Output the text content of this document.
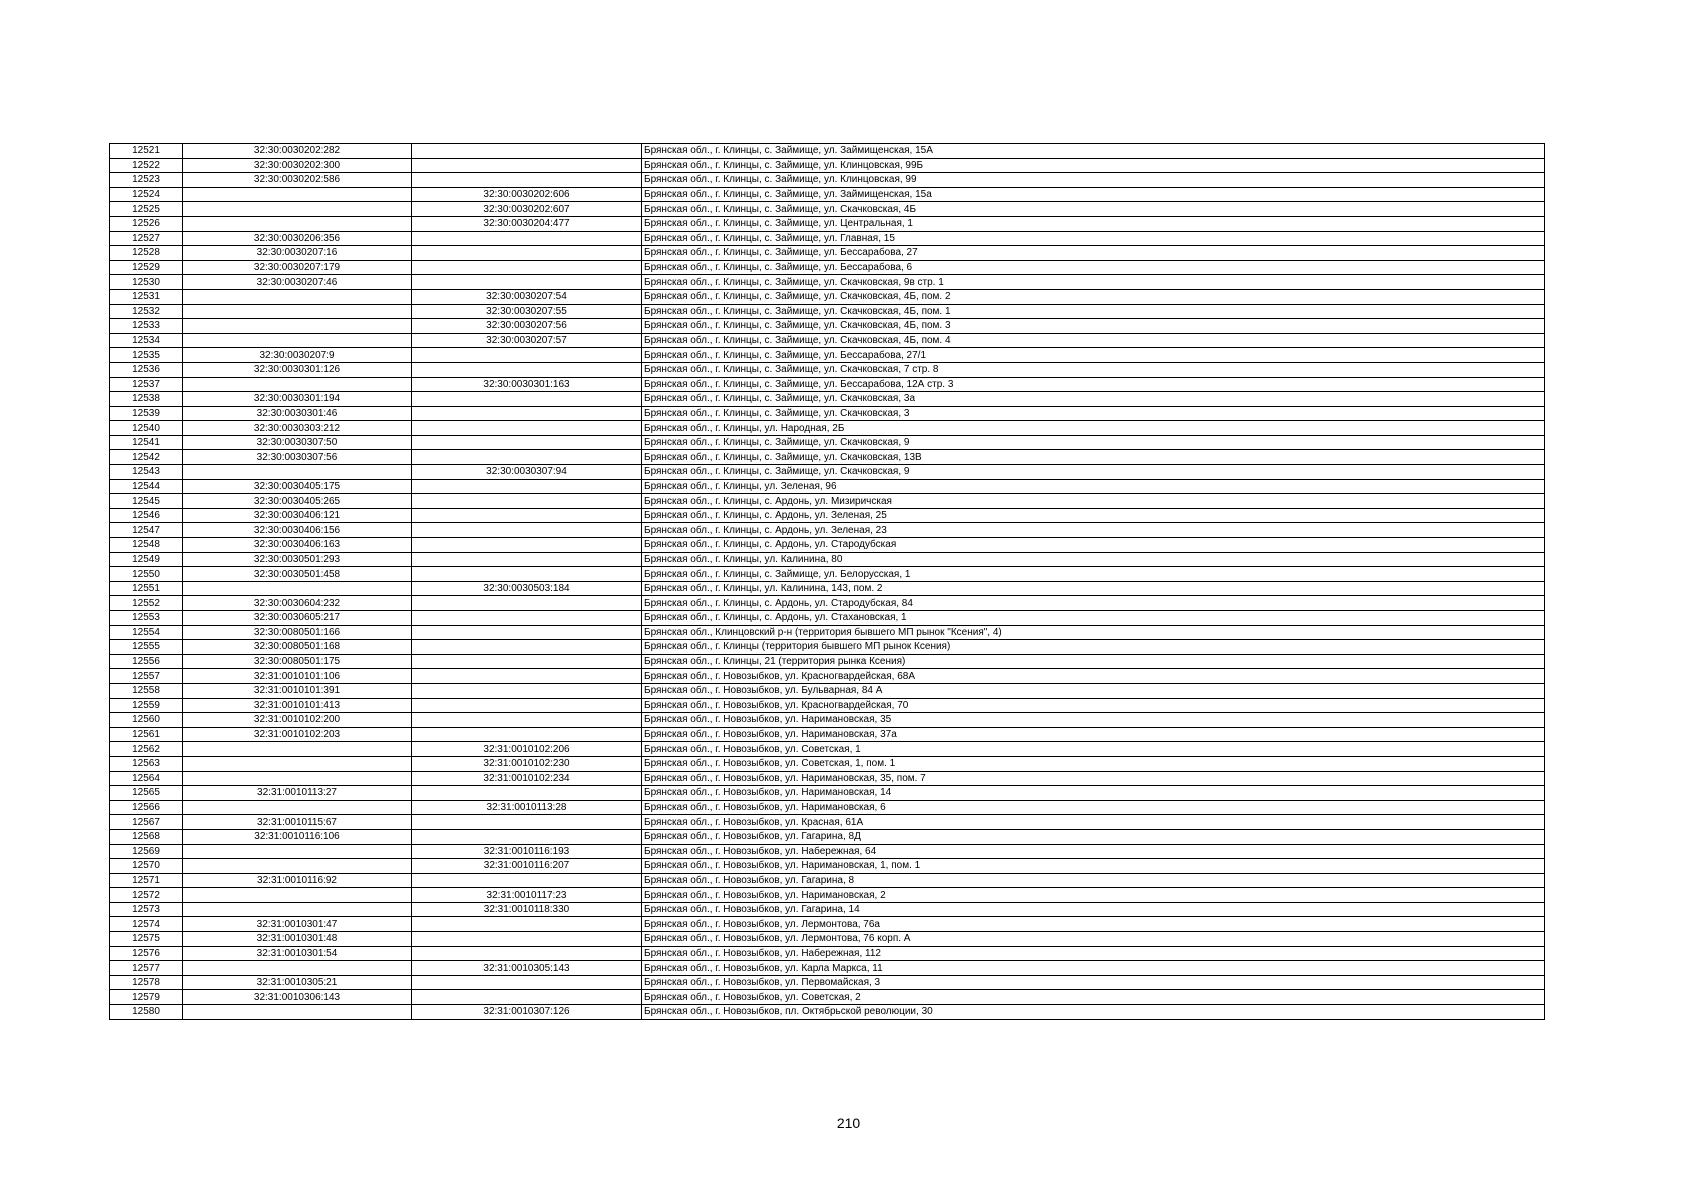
12521	32:30:0030202:282		Брянская обл., г. Клинцы, с. Займище, ул. Займищенская, 15А
12522	32:30:0030202:300		Брянская обл., г. Клинцы, с. Займище, ул. Клинцовская, 99Б
12523	32:30:0030202:586		Брянская обл., г. Клинцы, с. Займище, ул. Клинцовская, 99
12524		32:30:0030202:606	Брянская обл., г. Клинцы, с. Займище, ул. Займищенская, 15а
12525		32:30:0030202:607	Брянская обл., г. Клинцы, с. Займище, ул. Скачковская, 4Б
12526		32:30:0030204:477	Брянская обл., г. Клинцы, с. Займище, ул. Центральная, 1
12527	32:30:0030206:356		Брянская обл., г. Клинцы, с. Займище, ул. Главная, 15
12528	32:30:0030207:16		Брянская обл., г. Клинцы, с. Займище, ул. Бессарабова, 27
12529	32:30:0030207:179		Брянская обл., г. Клинцы, с. Займище, ул. Бессарабова, 6
12530	32:30:0030207:46		Брянская обл., г. Клинцы, с. Займище, ул. Скачковская, 9в стр. 1
12531		32:30:0030207:54	Брянская обл., г. Клинцы, с. Займище, ул. Скачковская, 4Б, пом. 2
12532		32:30:0030207:55	Брянская обл., г. Клинцы, с. Займище, ул. Скачковская, 4Б, пом. 1
12533		32:30:0030207:56	Брянская обл., г. Клинцы, с. Займище, ул. Скачковская, 4Б, пом. 3
12534		32:30:0030207:57	Брянская обл., г. Клинцы, с. Займище, ул. Скачковская, 4Б, пом. 4
12535	32:30:0030207:9		Брянская обл., г. Клинцы, с. Займище, ул. Бессарабова, 27/1
12536	32:30:0030301:126		Брянская обл., г. Клинцы, с. Займище, ул. Скачковская, 7 стр. 8
12537		32:30:0030301:163	Брянская обл., г. Клинцы, с. Займище, ул. Бессарабова, 12А стр. 3
12538	32:30:0030301:194		Брянская обл., г. Клинцы, с. Займище, ул. Скачковская, 3а
12539	32:30:0030301:46		Брянская обл., г. Клинцы, с. Займище, ул. Скачковская, 3
12540	32:30:0030303:212		Брянская обл., г. Клинцы, ул. Народная, 2Б
12541	32:30:0030307:50		Брянская обл., г. Клинцы, с. Займище, ул. Скачковская, 9
12542	32:30:0030307:56		Брянская обл., г. Клинцы, с. Займище, ул. Скачковская, 13В
12543		32:30:0030307:94	Брянская обл., г. Клинцы, с. Займище, ул. Скачковская, 9
12544	32:30:0030405:175		Брянская обл., г. Клинцы, ул. Зеленая, 96
12545	32:30:0030405:265		Брянская обл., г. Клинцы, с. Ардонь, ул. Мизиричская
12546	32:30:0030406:121		Брянская обл., г. Клинцы, с. Ардонь, ул. Зеленая, 25
12547	32:30:0030406:156		Брянская обл., г. Клинцы, с. Ардонь, ул. Зеленая, 23
12548	32:30:0030406:163		Брянская обл., г. Клинцы, с. Ардонь, ул. Стародубская
12549	32:30:0030501:293		Брянская обл., г. Клинцы, ул. Калинина, 80
12550	32:30:0030501:458		Брянская обл., г. Клинцы, с. Займище, ул. Белорусская, 1
12551		32:30:0030503:184	Брянская обл., г. Клинцы, ул. Калинина, 143, пом. 2
12552	32:30:0030604:232		Брянская обл., г. Клинцы, с. Ардонь, ул. Стародубская, 84
12553	32:30:0030605:217		Брянская обл., г. Клинцы, с. Ардонь, ул. Стахановская, 1
12554	32:30:0080501:166		Брянская обл., Клинцовский р-н (территория бывшего МП рынок "Ксения", 4)
12555	32:30:0080501:168		Брянская обл., г. Клинцы (территория бывшего МП рынок Ксения)
12556	32:30:0080501:175		Брянская обл., г. Клинцы, 21 (территория рынка Ксения)
12557	32:31:0010101:106		Брянская обл., г. Новозыбков, ул. Красногвардейская, 68А
12558	32:31:0010101:391		Брянская обл., г. Новозыбков, ул. Бульварная, 84 А
12559	32:31:0010101:413		Брянская обл., г. Новозыбков, ул. Красногвардейская, 70
12560	32:31:0010102:200		Брянская обл., г. Новозыбков, ул. Наримановская, 35
12561	32:31:0010102:203		Брянская обл., г. Новозыбков, ул. Наримановская, 37а
12562		32:31:0010102:206	Брянская обл., г. Новозыбков, ул. Советская, 1
12563		32:31:0010102:230	Брянская обл., г. Новозыбков, ул. Советская, 1, пом. 1
12564		32:31:0010102:234	Брянская обл., г. Новозыбков, ул. Наримановская, 35, пом. 7
12565	32:31:0010113:27		Брянская обл., г. Новозыбков, ул. Наримановская, 14
12566		32:31:0010113:28	Брянская обл., г. Новозыбков, ул. Наримановская, 6
12567	32:31:0010115:67		Брянская обл., г. Новозыбков, ул. Красная, 61А
12568	32:31:0010116:106		Брянская обл., г. Новозыбков, ул. Гагарина, 8Д
12569		32:31:0010116:193	Брянская обл., г. Новозыбков, ул. Набережная, 64
12570		32:31:0010116:207	Брянская обл., г. Новозыбков, ул. Наримановская, 1, пом. 1
12571	32:31:0010116:92		Брянская обл., г. Новозыбков, ул. Гагарина, 8
12572		32:31:0010117:23	Брянская обл., г. Новозыбков, ул. Наримановская, 2
12573		32:31:0010118:330	Брянская обл., г. Новозыбков, ул. Гагарина, 14
12574	32:31:0010301:47		Брянская обл., г. Новозыбков, ул. Лермонтова, 76а
12575	32:31:0010301:48		Брянская обл., г. Новозыбков, ул. Лермонтова, 76 корп. А
12576	32:31:0010301:54		Брянская обл., г. Новозыбков, ул. Набережная, 112
12577		32:31:0010305:143	Брянская обл., г. Новозыбков, ул. Карла Маркса, 11
12578	32:31:0010305:21		Брянская обл., г. Новозыбков, ул. Первомайская, 3
12579	32:31:0010306:143		Брянская обл., г. Новозыбков, ул. Советская, 2
12580		32:31:0010307:126	Брянская обл., г. Новозыбков, пл. Октябрьской революции, 30
210
